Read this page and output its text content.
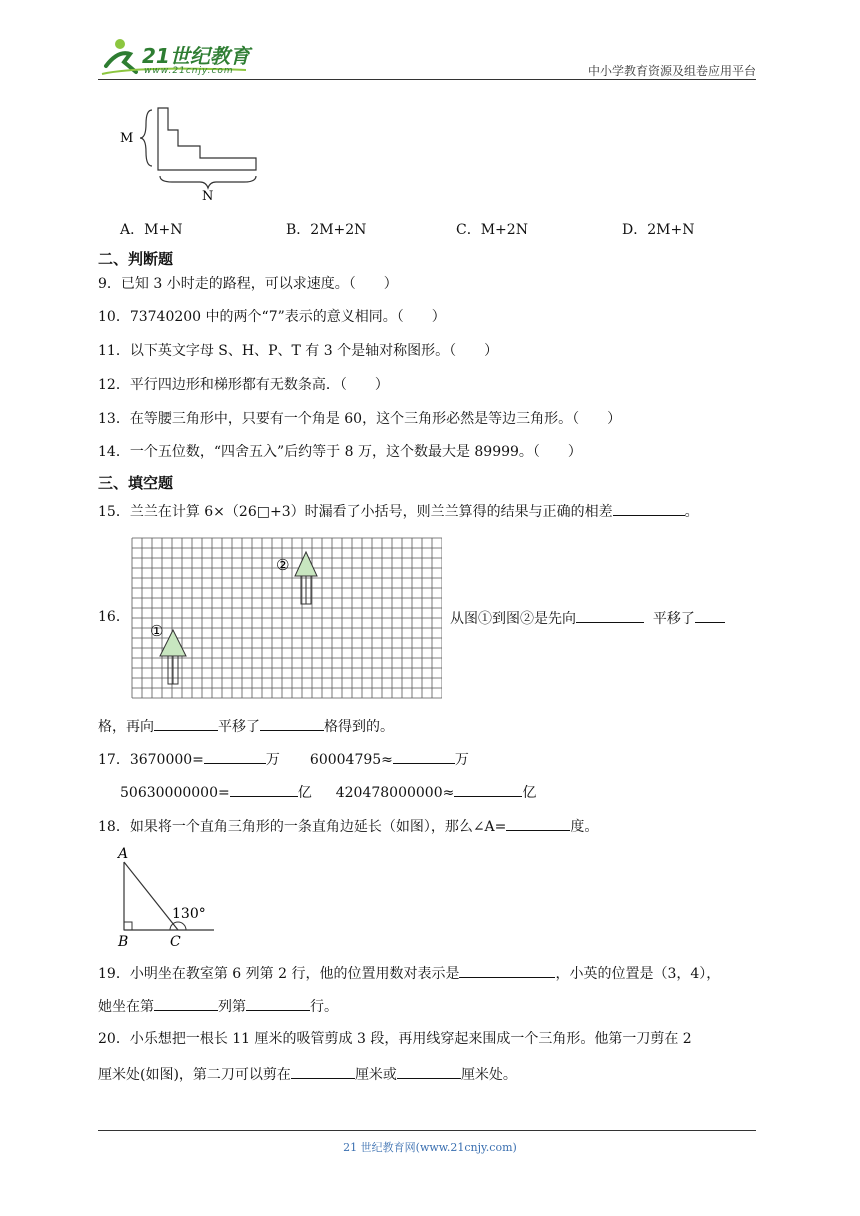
21世纪教育
www.21cnjy.com	中小学教育资源及组卷应用平台
M
N
A．M+N	B．2M+2N	C．M+2N	D．2M+N
二、判断题
9．已知 3 小时走的路程，可以求速度。（　　）
10．73740200 中的两个“7”表示的意义相同。（　　）
11．以下英文字母 S、H、P、T 有 3 个是轴对称图形。（　　）
12．平行四边形和梯形都有无数条高．（　　）
13．在等腰三角形中，只要有一个角是 60，这个三角形必然是等边三角形。（　　）
14．一个五位数，“四舍五入”后约等于 8 万，这个数最大是 89999。（　　）
三、填空题
15．兰兰在计算 6×（26□+3）时漏看了小括号，则兰兰算得的结果与正确的相差	。
16．
①
②
从图①到图②是先向	平移了
格，再向	平移了	格得到的。
17．3670000=	万 60004795≈	万
50630000000=	亿 420478000000≈	亿
18．如果将一个直角三角形的一条直角边延长（如图），那么∠A=	度。
A
B	C
130°
19．小明坐在教室第 6 列第 2 行，他的位置用数对表示是	，小英的位置是（3，4），
她坐在第	列第	行。
20．小乐想把一根长 11 厘米的吸管剪成 3 段，再用线穿起来围成一个三角形。他第一刀剪在 2
厘米处(如图)，第二刀可以剪在	厘米或	厘米处。
21 世纪教育网(www.21cnjy.com)
